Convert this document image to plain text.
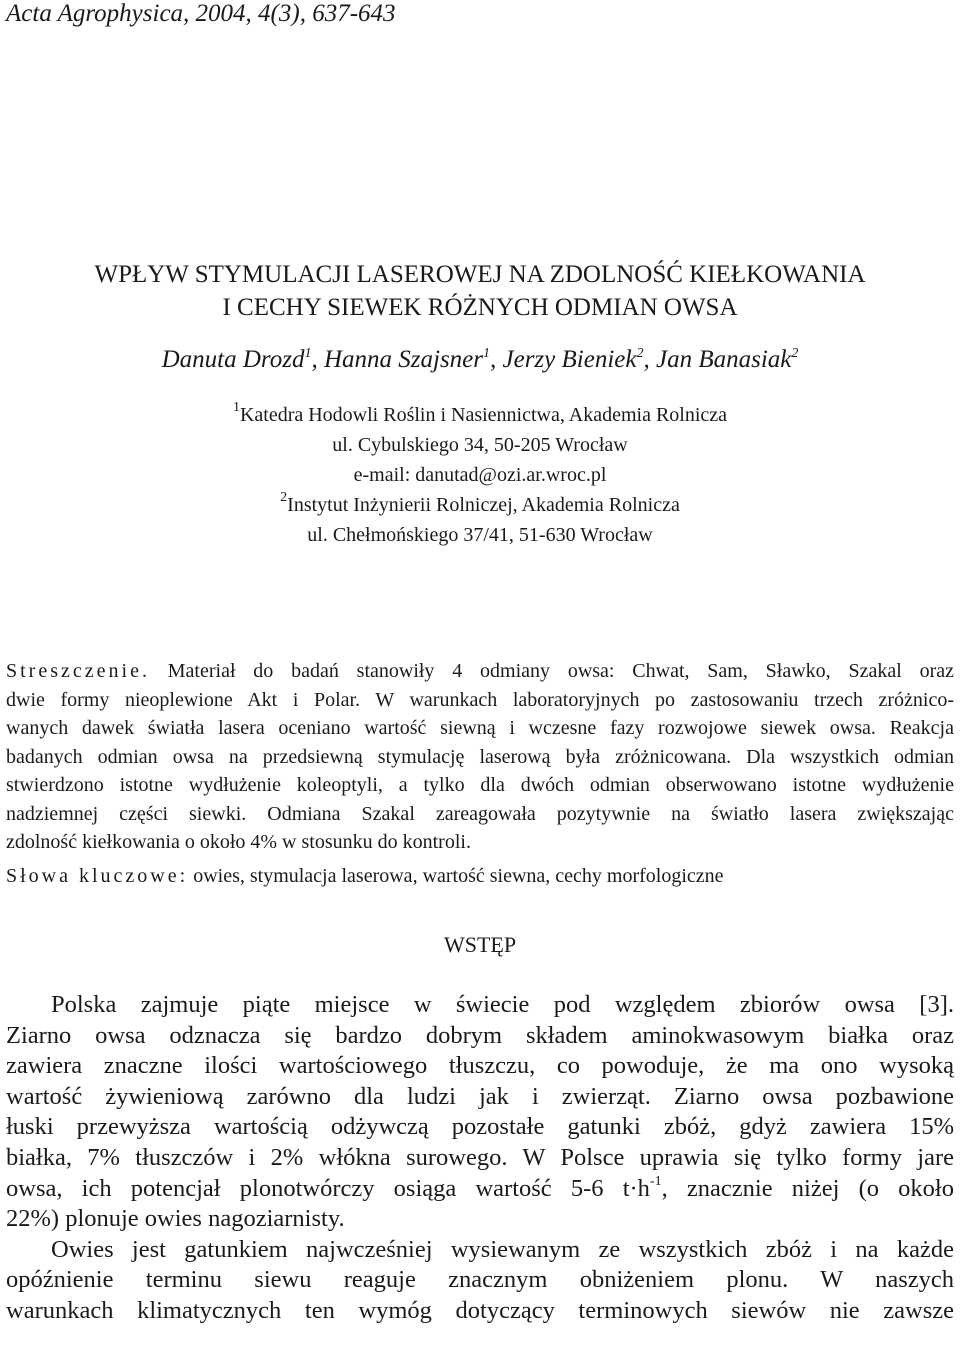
Acta Agrophysica, 2004, 4(3), 637-643
WPŁYW STYMULACJI LASEROWEJ NA ZDOLNOŚĆ KIEŁKOWANIA
I CECHY SIEWEK RÓŻNYCH ODMIAN OWSA
Danuta Drozd$^1$, Hanna Szajsner$^1$, Jerzy Bieniek$^2$, Jan Banasiak$^2$
$^1$Katedra Hodowli Roślin i Nasiennictwa, Akademia Rolnicza
ul. Cybulskiego 34, 50-205 Wrocław
e-mail: danutad@ozi.ar.wroc.pl
$^2$Instytut Inżynierii Rolniczej, Akademia Rolnicza
ul. Chełmońskiego 37/41, 51-630 Wrocław
Streszczenie. Materiał do badań stanowiły 4 odmiany owsa: Chwat, Sam, Sławko, Szakal oraz
dwie formy nieoplewione Akt i Polar. W warunkach laboratoryjnych po zastosowaniu trzech zróżnico-
wanych dawek światła lasera oceniano wartość siewną i wczesne fazy rozwojowe siewek owsa. Reakcja
badanych odmian owsa na przedsiewną stymulację laserową była zróżnicowana. Dla wszystkich odmian
stwierdzono istotne wydłużenie koleoptyli, a tylko dla dwóch odmian obserwowano istotne wydłużenie
nadziemnej części siewki. Odmiana Szakal zareagowała pozytywnie na światło lasera zwiększając
zdolność kiełkowania o około 4% w stosunku do kontroli.
Słowa kluczowe: owies, stymulacja laserowa, wartość siewna, cechy morfologiczne
WSTĘP
Polska zajmuje piąte miejsce w świecie pod względem zbiorów owsa [3].
Ziarno owsa odznacza się bardzo dobrym składem aminokwasowym białka oraz
zawiera znaczne ilości wartościowego tłuszczu, co powoduje, że ma ono wysoką
wartość żywieniową zarówno dla ludzi jak i zwierząt. Ziarno owsa pozbawione
łuski przewyższa wartością odżywczą pozostałe gatunki zbóż, gdyż zawiera 15%
białka, 7% tłuszczów i 2% włókna surowego. W Polsce uprawia się tylko formy jare
owsa, ich potencjał plonotwórczy osiąga wartość 5-6 $t\cdot h^{-1}$, znacznie niżej (o około
22%) plonuje owies nagoziarnisty.
Owies jest gatunkiem najwcześniej wysiewanym ze wszystkich zbóż i na każde
opóźnienie terminu siewu reaguje znacznym obniżeniem plonu. W naszych
warunkach klimatycznych ten wymóg dotyczący terminowych siewów nie zawsze
